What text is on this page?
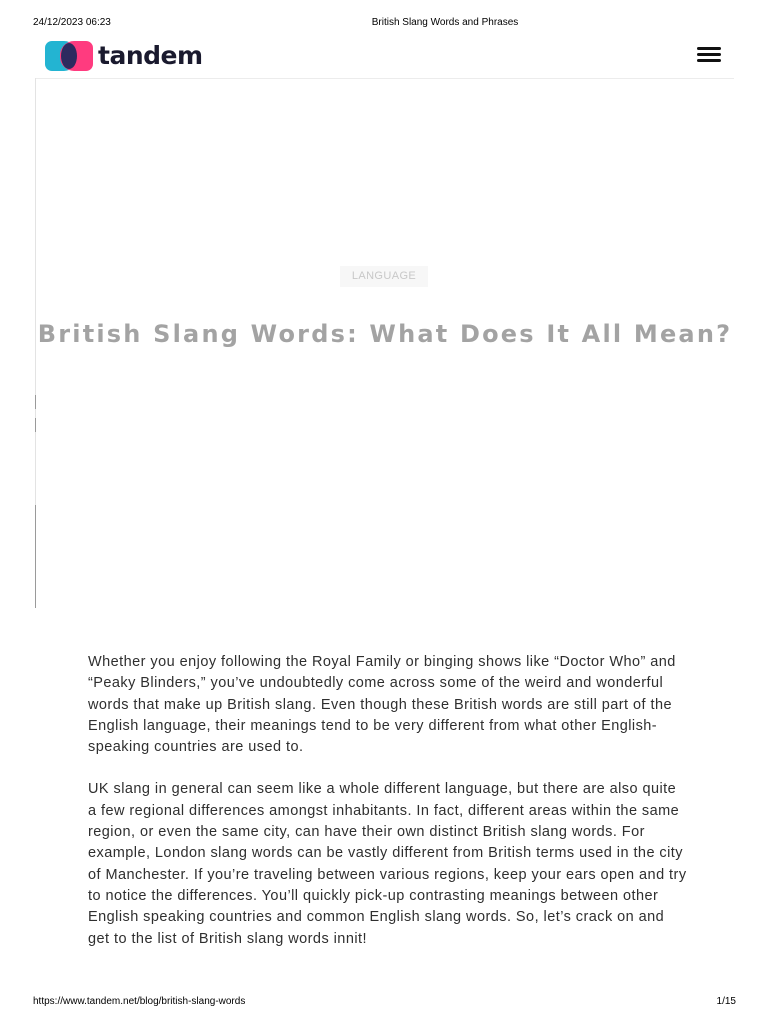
24/12/2023 06:23	British Slang Words and Phrases
tandem
LANGUAGE
British Slang Words: What Does It All Mean?

Whether you enjoy following the Royal Family or binging shows like “Doctor Who” and “Peaky Blinders,” you’ve undoubtedly come across some of the weird and wonderful words that make up British slang. Even though these British words are still part of the English language, their meanings tend to be very different from what other English-speaking countries are used to.

UK slang in general can seem like a whole different language, but there are also quite a few regional differences amongst inhabitants. In fact, different areas within the same region, or even the same city, can have their own distinct British slang words. For example, London slang words can be vastly different from British terms used in the city of Manchester. If you’re traveling between various regions, keep your ears open and try to notice the differences. You’ll quickly pick-up contrasting meanings between other English speaking countries and common English slang words. So, let’s crack on and get to the list of British slang words innit!

https://www.tandem.net/blog/british-slang-words	1/15
